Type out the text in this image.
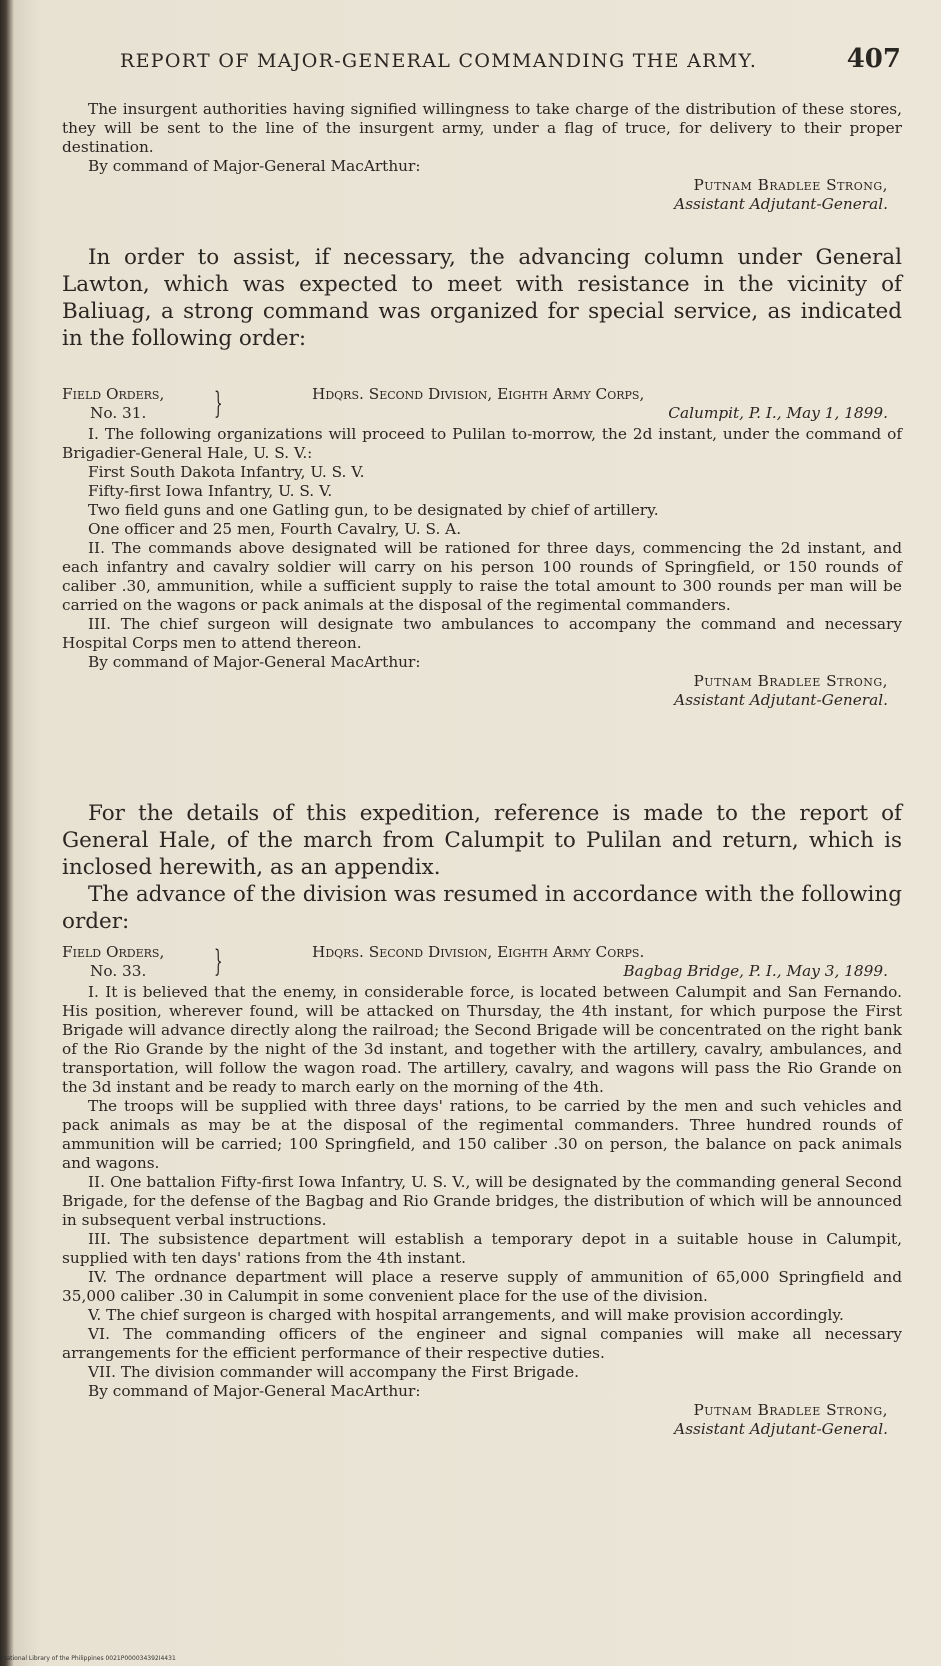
REPORT OF MAJOR-GENERAL COMMANDING THE ARMY.	407

The insurgent authorities having signified willingness to take charge of the distribution of these stores, they will be sent to the line of the insurgent army, under a flag of truce, for delivery to their proper destination.

By command of Major-General MacArthur:

Putnam Bradlee Strong,

Assistant Adjutant-General.

In order to assist, if necessary, the advancing column under General Lawton, which was expected to meet with resistance in the vicinity of Baliuag, a strong command was organized for special service, as indicated in the following order:

Field Orders,
No. 31. }	Hdqrs. Second Division, Eighth Army Corps,
Calumpit, P. I., May 1, 1899.

I. The following organizations will proceed to Pulilan to-morrow, the 2d instant, under the command of Brigadier-General Hale, U. S. V.:

First South Dakota Infantry, U. S. V.

Fifty-first Iowa Infantry, U. S. V.

Two field guns and one Gatling gun, to be designated by chief of artillery.

One officer and 25 men, Fourth Cavalry, U. S. A.

II. The commands above designated will be rationed for three days, commencing the 2d instant, and each infantry and cavalry soldier will carry on his person 100 rounds of Springfield, or 150 rounds of caliber .30, ammunition, while a sufficient supply to raise the total amount to 300 rounds per man will be carried on the wagons or pack animals at the disposal of the regimental commanders.

III. The chief surgeon will designate two ambulances to accompany the command and necessary Hospital Corps men to attend thereon.

By command of Major-General MacArthur:

Putnam Bradlee Strong,

Assistant Adjutant-General.

For the details of this expedition, reference is made to the report of General Hale, of the march from Calumpit to Pulilan and return, which is inclosed herewith, as an appendix.

The advance of the division was resumed in accordance with the following order:

Field Orders,
No. 33. }	Hdqrs. Second Division, Eighth Army Corps.
Bagbag Bridge, P. I., May 3, 1899.

I. It is believed that the enemy, in considerable force, is located between Calumpit and San Fernando. His position, wherever found, will be attacked on Thursday, the 4th instant, for which purpose the First Brigade will advance directly along the railroad; the Second Brigade will be concentrated on the right bank of the Rio Grande by the night of the 3d instant, and together with the artillery, cavalry, ambulances, and transportation, will follow the wagon road. The artillery, cavalry, and wagons will pass the Rio Grande on the 3d instant and be ready to march early on the morning of the 4th.

The troops will be supplied with three days' rations, to be carried by the men and such vehicles and pack animals as may be at the disposal of the regimental commanders. Three hundred rounds of ammunition will be carried; 100 Springfield, and 150 caliber .30 on person, the balance on pack animals and wagons.

II. One battalion Fifty-first Iowa Infantry, U. S. V., will be designated by the commanding general Second Brigade, for the defense of the Bagbag and Rio Grande bridges, the distribution of which will be announced in subsequent verbal instructions.

III. The subsistence department will establish a temporary depot in a suitable house in Calumpit, supplied with ten days' rations from the 4th instant.

IV. The ordnance department will place a reserve supply of ammunition of 65,000 Springfield and 35,000 caliber .30 in Calumpit in some convenient place for the use of the division.

V. The chief surgeon is charged with hospital arrangements, and will make provision accordingly.

VI. The commanding officers of the engineer and signal companies will make all necessary arrangements for the efficient performance of their respective duties.

VII. The division commander will accompany the First Brigade.

By command of Major-General MacArthur:

Putnam Bradlee Strong,

Assistant Adjutant-General.

National Library of the Philippines 0021P000034392I4431
